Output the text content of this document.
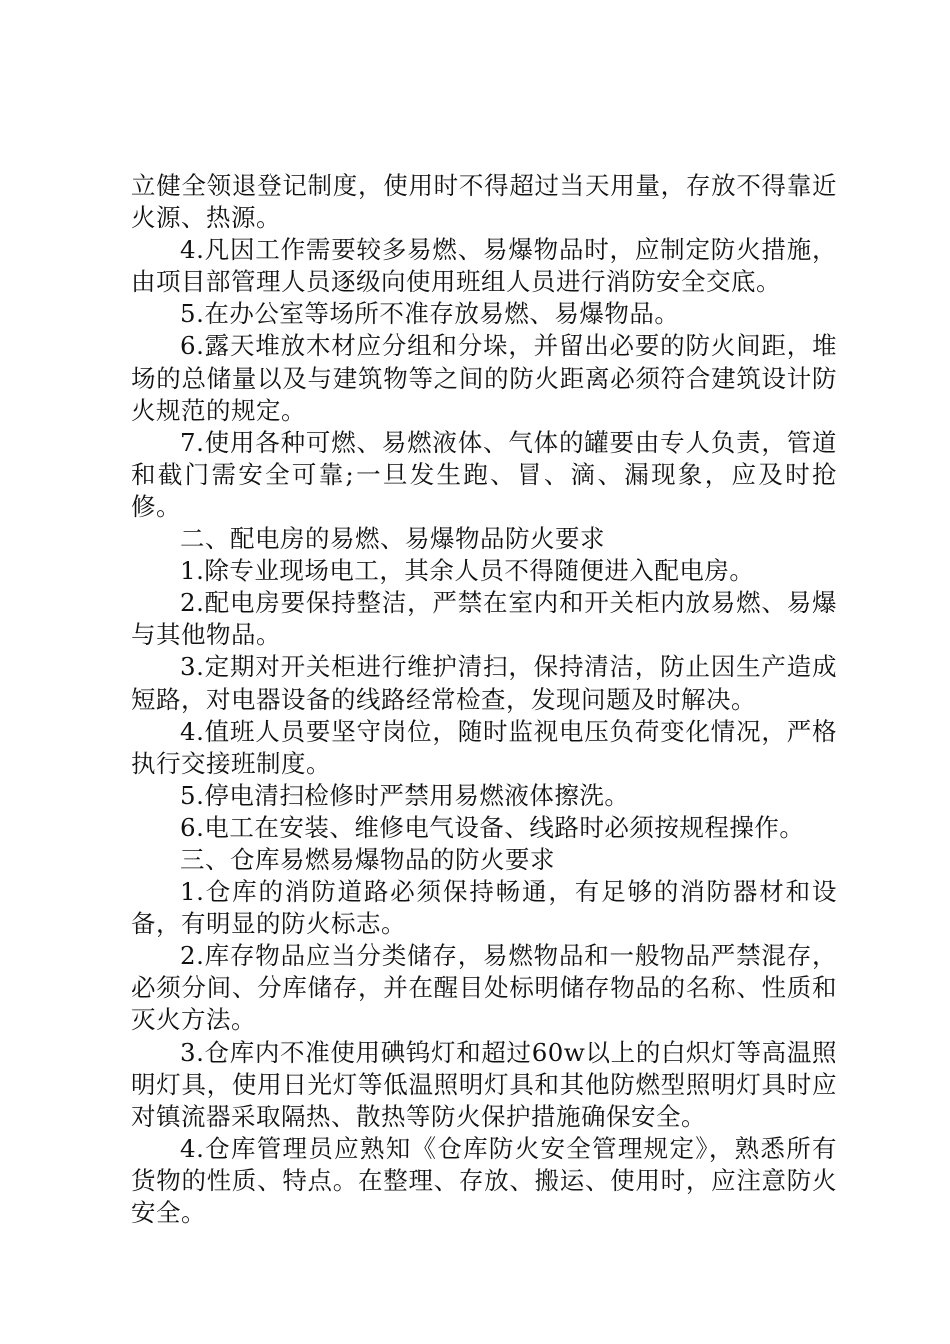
立健全领退登记制度，使用时不得超过当天用量，存放不得靠近火源、热源。

4.凡因工作需要较多易燃、易爆物品时，应制定防火措施，由项目部管理人员逐级向使用班组人员进行消防安全交底。

5.在办公室等场所不准存放易燃、易爆物品。

6.露天堆放木材应分组和分垛，并留出必要的防火间距，堆场的总储量以及与建筑物等之间的防火距离必须符合建筑设计防火规范的规定。

7.使用各种可燃、易燃液体、气体的罐要由专人负责，管道和截门需安全可靠;一旦发生跑、冒、滴、漏现象，应及时抢修。

二、配电房的易燃、易爆物品防火要求

1.除专业现场电工，其余人员不得随便进入配电房。

2.配电房要保持整洁，严禁在室内和开关柜内放易燃、易爆与其他物品。

3.定期对开关柜进行维护清扫，保持清洁，防止因生产造成短路，对电器设备的线路经常检查，发现问题及时解决。

4.值班人员要坚守岗位，随时监视电压负荷变化情况，严格执行交接班制度。

5.停电清扫检修时严禁用易燃液体擦洗。

6.电工在安装、维修电气设备、线路时必须按规程操作。

三、仓库易燃易爆物品的防火要求

1.仓库的消防道路必须保持畅通，有足够的消防器材和设备，有明显的防火标志。

2.库存物品应当分类储存，易燃物品和一般物品严禁混存，必须分间、分库储存，并在醒目处标明储存物品的名称、性质和灭火方法。

3.仓库内不准使用碘钨灯和超过60w以上的白炽灯等高温照明灯具，使用日光灯等低温照明灯具和其他防燃型照明灯具时应对镇流器采取隔热、散热等防火保护措施确保安全。

4.仓库管理员应熟知《仓库防火安全管理规定》，熟悉所有货物的性质、特点。在整理、存放、搬运、使用时，应注意防火安全。
